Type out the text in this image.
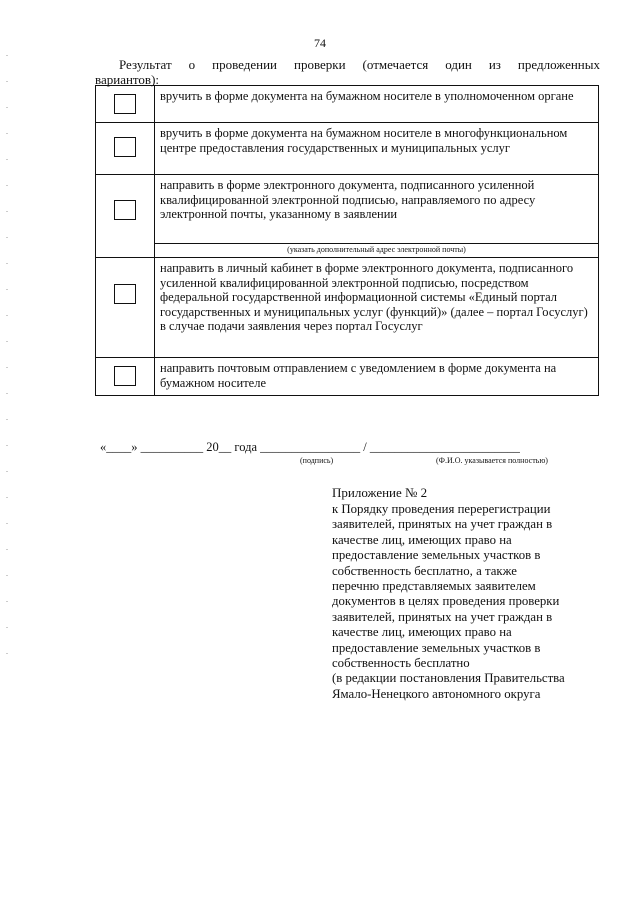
74
Результат о проведении проверки (отмечается один из предложенных
вариантов):
	вручить в форме документа на бумажном носителе в уполномоченном органе

	вручить в форме документа на бумажном носителе в многофункциональном центре предоставления государственных и муниципальных услуг

	направить в форме электронного документа, подписанного усиленной квалифицированной электронной подписью, направляемого по адресу электронной почты, указанному в заявлении
	(указать дополнительный адрес электронной почты)

	направить в личный кабинет в форме электронного документа, подписанного усиленной квалифицированной электронной подписью, посредством федеральной государственной информационной системы «Единый портал государственных и муниципальных услуг (функций)» (далее – портал Госуслуг) в случае подачи заявления через портал Госуслуг

	направить почтовым отправлением с уведомлением в форме документа на бумажном носителе
«____» __________ 20__ года ________________ / ________________________
(подпись)	(Ф.И.О. указывается полностью)
Приложение № 2

к Порядку проведения перерегистрации

заявителей, принятых на учет граждан в

качестве лиц, имеющих право на

предоставление земельных участков в

собственность бесплатно, а также

перечню представляемых заявителем

документов в целях проведения проверки

заявителей, принятых на учет граждан в

качестве лиц, имеющих право на

предоставление земельных участков в

собственность бесплатно

(в редакции постановления Правительства

Ямало-Ненецкого автономного округа
